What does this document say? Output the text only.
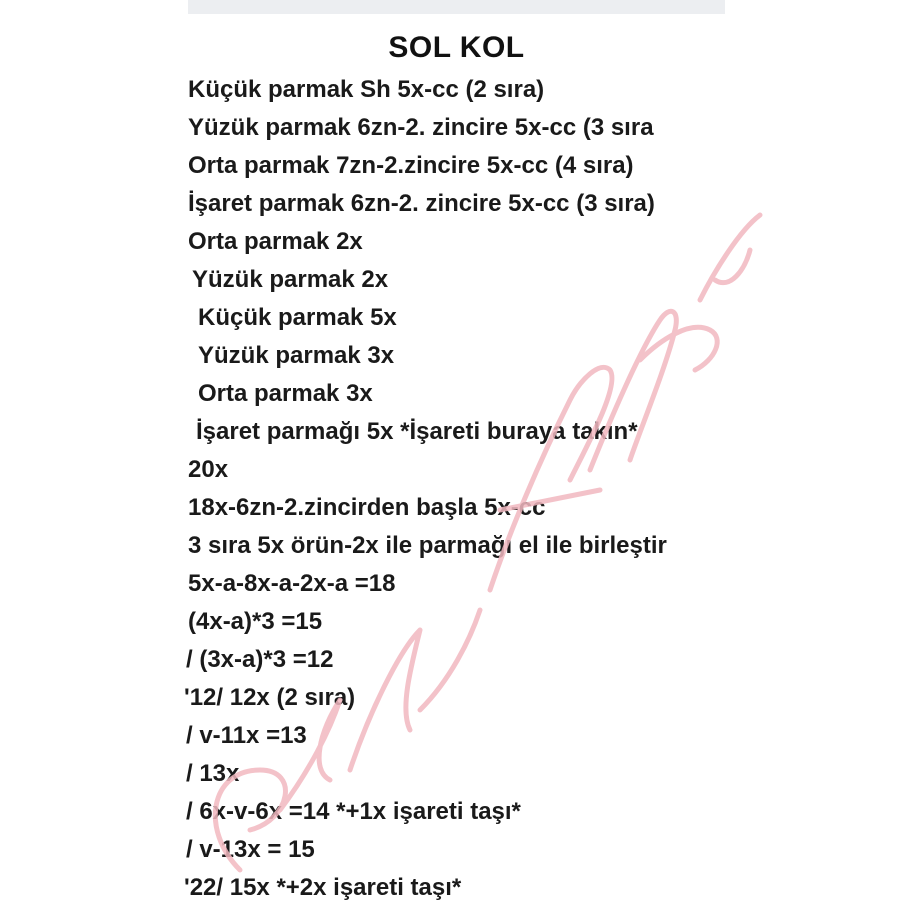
SOL KOL
Küçük parmak Sh 5x-cc (2 sıra)
Yüzük parmak 6zn-2. zincire 5x-cc (3 sıra
Orta parmak 7zn-2.zincire 5x-cc (4 sıra)
İşaret parmak 6zn-2. zincire 5x-cc (3 sıra)
Orta parmak 2x
Yüzük parmak 2x
Küçük parmak 5x
Yüzük parmak 3x
Orta parmak 3x
İşaret parmağı 5x *İşareti buraya takın*
20x
18x-6zn-2.zincirden başla 5x-cc
3 sıra 5x örün-2x ile parmağı el ile birleştir
5x-a-8x-a-2x-a =18
(4x-a)*3 =15
/ (3x-a)*3 =12
'12/ 12x (2 sıra)
/ v-11x =13
/ 13x
/ 6x-v-6x =14 *+1x işareti taşı*
/ v-13x = 15
'22/ 15x *+2x işareti taşı*
